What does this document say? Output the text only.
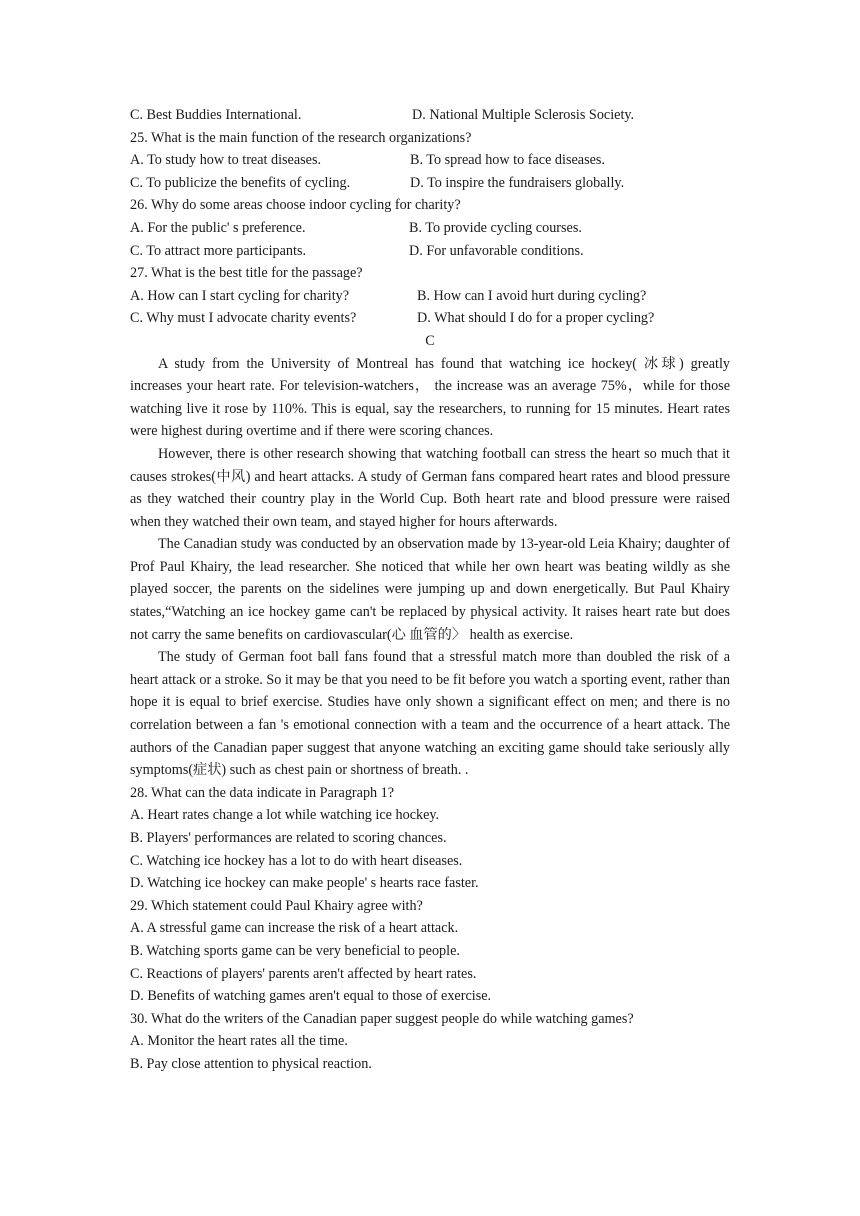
C. Best Buddies International.	D. National Multiple Sclerosis Society.
25. What is the main function of the research organizations?
A. To study how to treat diseases.	B. To spread how to face diseases.
C. To publicize the benefits of cycling.	D. To inspire the fundraisers globally.
26. Why do some areas choose indoor cycling for charity?
A. For the public' s preference.	B. To provide cycling courses.
C. To attract more participants.	D. For unfavorable conditions.
27. What is the best title for the passage?
A. How can I start cycling for charity?	B. How can I avoid hurt during cycling?
C. Why must I advocate charity events?	D. What should I do for a proper cycling?
C

A study from the University of Montreal has found that watching ice hockey( 冰球) greatly increases your heart rate. For television-watchers， the increase was an average 75%，while for those watching live it rose by 110%. This is equal, say the researchers, to running for 15 minutes. Heart rates were highest during overtime and if there were scoring chances.

However, there is other research showing that watching football can stress the heart so much that it causes strokes(中风) and heart attacks. A study of German fans compared heart rates and blood pressure as they watched their country play in the World Cup. Both heart rate and blood pressure were raised when they watched their own team, and stayed higher for hours afterwards.

The Canadian study was conducted by an observation made by 13-year-old Leia Khairy; daughter of Prof Paul Khairy, the lead researcher. She noticed that while her own heart was beating wildly as she played soccer, the parents on the sidelines were jumping up and down energetically. But Paul Khairy states,“Watching an ice hockey game can't be replaced by physical activity. It raises heart rate but does not carry the same benefits on cardiovascular(心 血管的〉 health as exercise.

The study of German foot ball fans found that a stressful match more than doubled the risk of a heart attack or a stroke. So it may be that you need to be fit before you watch a sporting event, rather than hope it is equal to brief exercise. Studies have only shown a significant effect on men; and there is no correlation between a fan 's emotional connection with a team and the occurrence of a heart attack. The authors of the Canadian paper suggest that anyone watching an exciting game should take seriously ally symptoms(症状) such as chest pain or shortness of breath. .

28. What can the data indicate in Paragraph 1?
A. Heart rates change a lot while watching ice hockey.
B. Players' performances are related to scoring chances.
C. Watching ice hockey has a lot to do with heart diseases.
D. Watching ice hockey can make people' s hearts race faster.
29. Which statement could Paul Khairy agree with?
A. A stressful game can increase the risk of a heart attack.
B. Watching sports game can be very beneficial to people.
C. Reactions of players' parents aren't affected by heart rates.
D. Benefits of watching games aren't equal to those of exercise.
30. What do the writers of the Canadian paper suggest people do while watching games?
A. Monitor the heart rates all the time.
B. Pay close attention to physical reaction.
